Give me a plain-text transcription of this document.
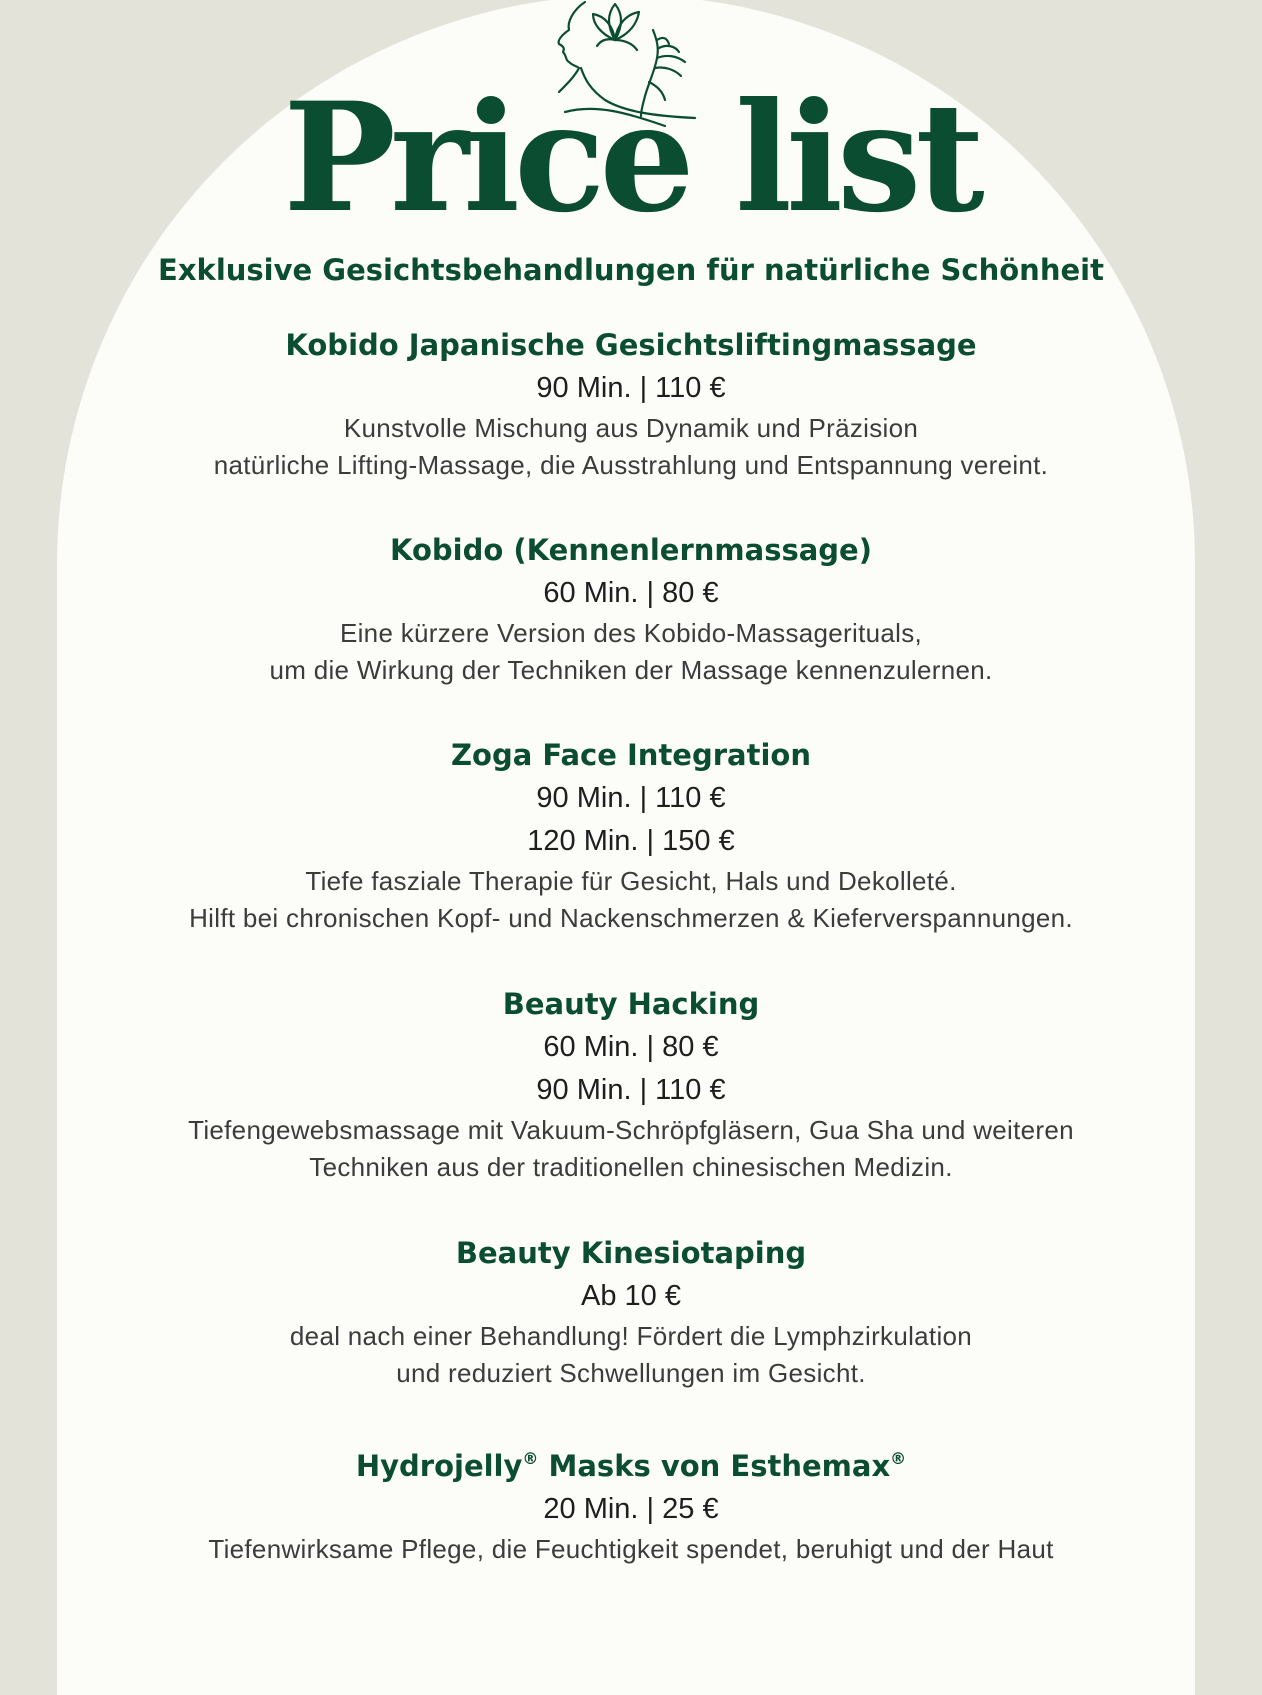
Price list
Exklusive Gesichtsbehandlungen für natürliche Schönheit

Kobido Japanische Gesichtsliftingmassage

90 Min. | 110 €

Kunstvolle Mischung aus Dynamik und Präzision

natürliche Lifting-Massage, die Ausstrahlung und Entspannung vereint.

Kobido (Kennenlernmassage)

60 Min. | 80 €

Eine kürzere Version des Kobido-Massagerituals,

um die Wirkung der Techniken der Massage kennenzulernen.

Zoga Face Integration

90 Min. | 110 €

120 Min. | 150 €

Tiefe fasziale Therapie für Gesicht, Hals und Dekolleté.

Hilft bei chronischen Kopf- und Nackenschmerzen & Kieferverspannungen.

Beauty Hacking

60 Min. | 80 €

90 Min. | 110 €

Tiefengewebsmassage mit Vakuum-Schröpfgläsern, Gua Sha und weiteren

Techniken aus der traditionellen chinesischen Medizin.

Beauty Kinesiotaping

Ab 10 €

deal nach einer Behandlung! Fördert die Lymphzirkulation

und reduziert Schwellungen im Gesicht.

Hydrojelly® Masks von Esthemax®

20 Min. | 25 €

Tiefenwirksame Pflege, die Feuchtigkeit spendet, beruhigt und der Haut
